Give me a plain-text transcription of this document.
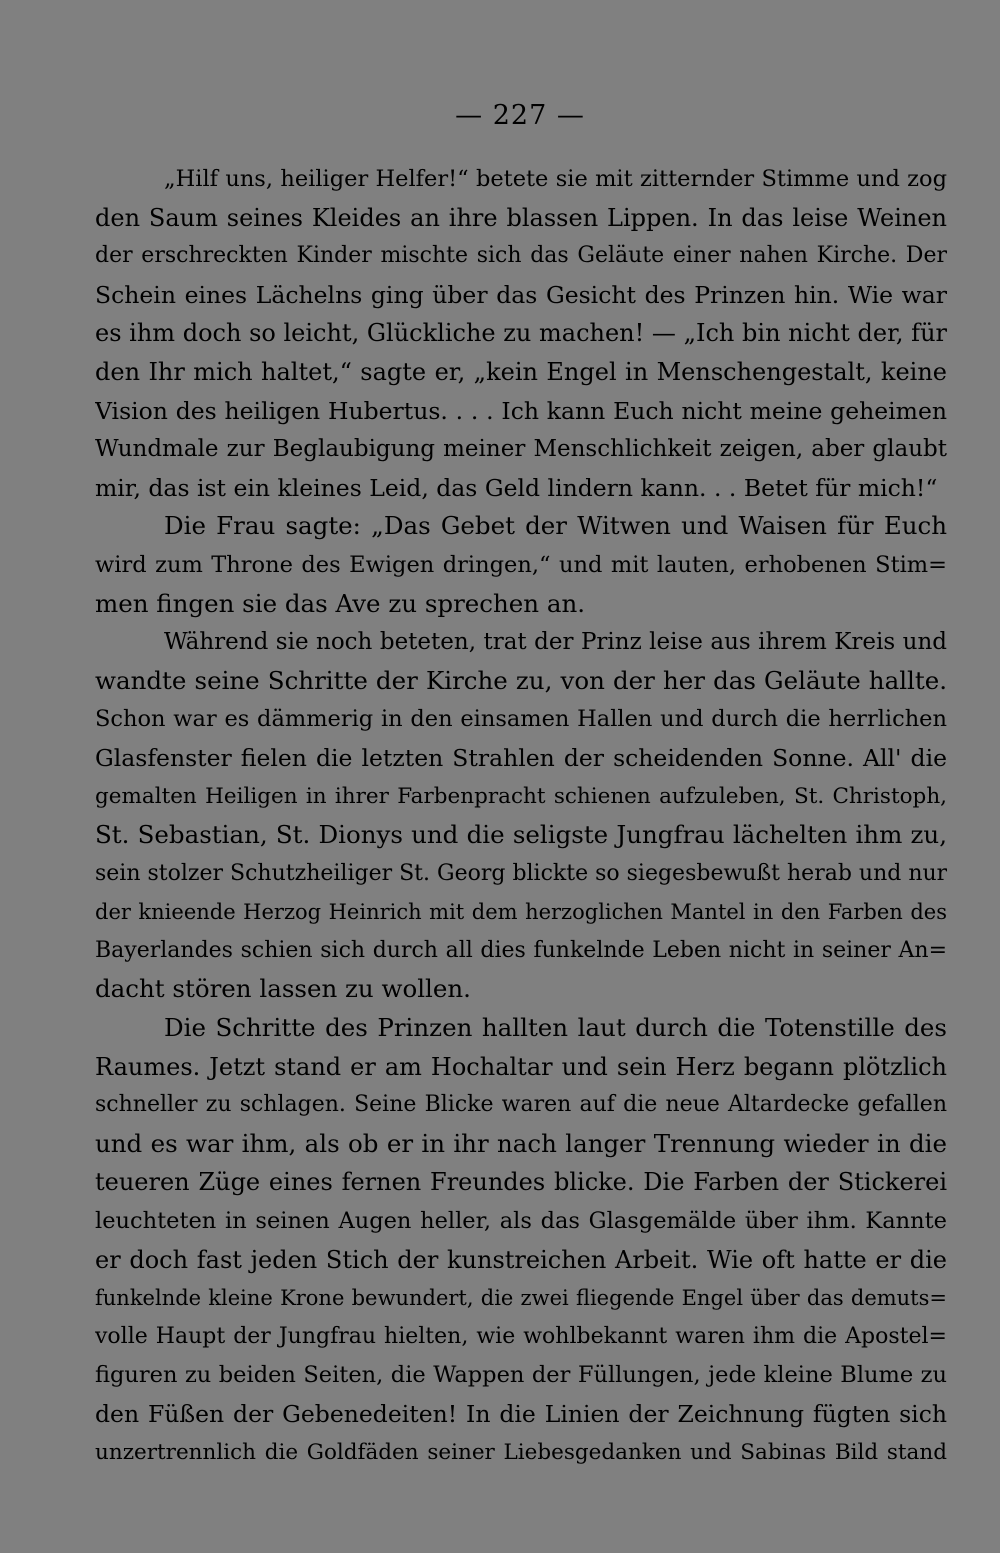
— 227 —
„Hilf uns, heiliger Helfer!“ betete sie mit zitternder Stimme und zog
den Saum seines Kleides an ihre blassen Lippen. In das leise Weinen
der erschreckten Kinder mischte sich das Geläute einer nahen Kirche. Der
Schein eines Lächelns ging über das Gesicht des Prinzen hin. Wie war
es ihm doch so leicht, Glückliche zu machen! — „Ich bin nicht der, für
den Ihr mich haltet,“ sagte er, „kein Engel in Menschengestalt, keine
Vision des heiligen Hubertus. . . . Ich kann Euch nicht meine geheimen
Wundmale zur Beglaubigung meiner Menschlichkeit zeigen, aber glaubt
mir, das ist ein kleines Leid, das Geld lindern kann. . . Betet für mich!“
Die Frau sagte: „Das Gebet der Witwen und Waisen für Euch
wird zum Throne des Ewigen dringen,“ und mit lauten, erhobenen Stim=
men fingen sie das Ave zu sprechen an.
Während sie noch beteten, trat der Prinz leise aus ihrem Kreis und
wandte seine Schritte der Kirche zu, von der her das Geläute hallte.
Schon war es dämmerig in den einsamen Hallen und durch die herrlichen
Glasfenster fielen die letzten Strahlen der scheidenden Sonne. All' die
gemalten Heiligen in ihrer Farbenpracht schienen aufzuleben, St. Christoph,
St. Sebastian, St. Dionys und die seligste Jungfrau lächelten ihm zu,
sein stolzer Schutzheiliger St. Georg blickte so siegesbewußt herab und nur
der knieende Herzog Heinrich mit dem herzoglichen Mantel in den Farben des
Bayerlandes schien sich durch all dies funkelnde Leben nicht in seiner An=
dacht stören lassen zu wollen.
Die Schritte des Prinzen hallten laut durch die Totenstille des
Raumes. Jetzt stand er am Hochaltar und sein Herz begann plötzlich
schneller zu schlagen. Seine Blicke waren auf die neue Altardecke gefallen
und es war ihm, als ob er in ihr nach langer Trennung wieder in die
teueren Züge eines fernen Freundes blicke. Die Farben der Stickerei
leuchteten in seinen Augen heller, als das Glasgemälde über ihm. Kannte
er doch fast jeden Stich der kunstreichen Arbeit. Wie oft hatte er die
funkelnde kleine Krone bewundert, die zwei fliegende Engel über das demuts=
volle Haupt der Jungfrau hielten, wie wohlbekannt waren ihm die Apostel=
figuren zu beiden Seiten, die Wappen der Füllungen, jede kleine Blume zu
den Füßen der Gebenedeiten! In die Linien der Zeichnung fügten sich
unzertrennlich die Goldfäden seiner Liebesgedanken und Sabinas Bild stand
